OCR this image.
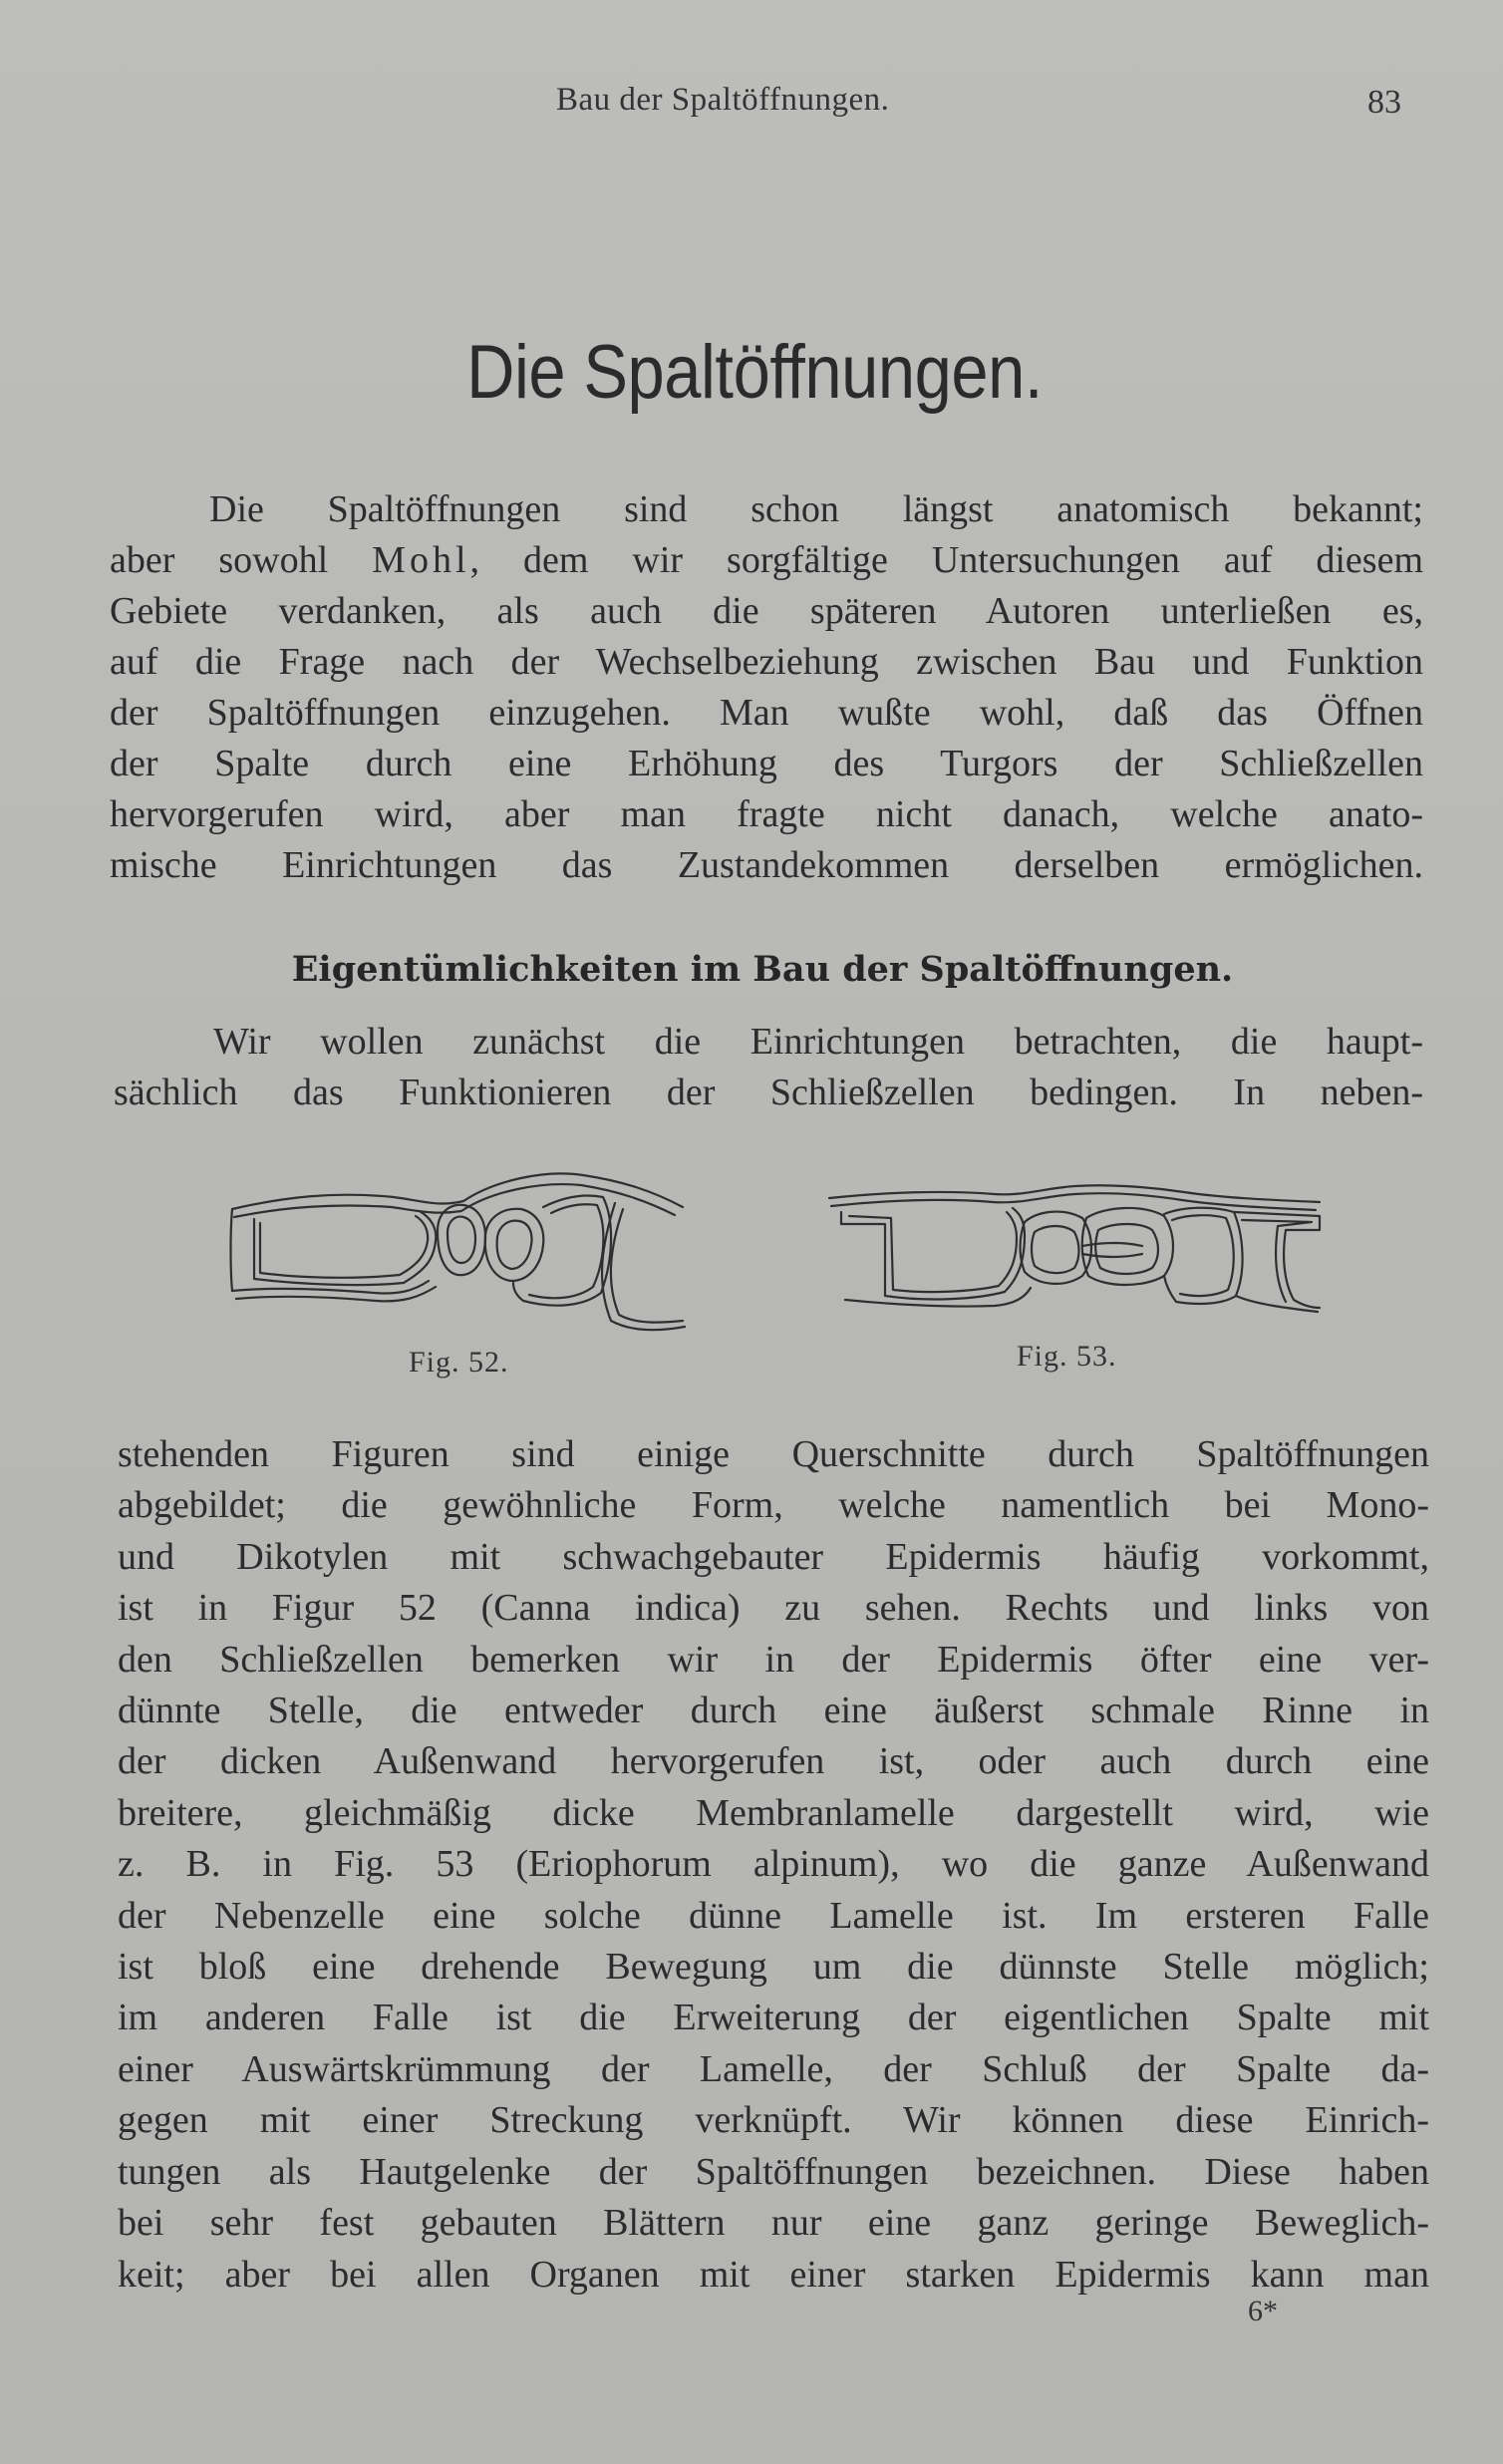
Bau der Spaltöffnungen.	83
Die Spaltöffnungen.
Die Spaltöffnungen sind schon längst anatomisch bekannt;
aber sowohl Mohl, dem wir sorgfältige Untersuchungen auf diesem
Gebiete verdanken, als auch die späteren Autoren unterließen es,
auf die Frage nach der Wechselbeziehung zwischen Bau und Funktion
der Spaltöffnungen einzugehen. Man wußte wohl, daß das Öffnen
der Spalte durch eine Erhöhung des Turgors der Schließzellen
hervorgerufen wird, aber man fragte nicht danach, welche anato-
mische Einrichtungen das Zustandekommen derselben ermöglichen.
Eigentümlichkeiten im Bau der Spaltöffnungen.
Wir wollen zunächst die Einrichtungen betrachten, die haupt-
sächlich das Funktionieren der Schließzellen bedingen. In neben-
Fig. 52.	Fig. 53.
stehenden Figuren sind einige Querschnitte durch Spaltöffnungen
abgebildet; die gewöhnliche Form, welche namentlich bei Mono-
und Dikotylen mit schwachgebauter Epidermis häufig vorkommt,
ist in Figur 52 (Canna indica) zu sehen. Rechts und links von
den Schließzellen bemerken wir in der Epidermis öfter eine ver-
dünnte Stelle, die entweder durch eine äußerst schmale Rinne in
der dicken Außenwand hervorgerufen ist, oder auch durch eine
breitere, gleichmäßig dicke Membranlamelle dargestellt wird, wie
z. B. in Fig. 53 (Eriophorum alpinum), wo die ganze Außenwand
der Nebenzelle eine solche dünne Lamelle ist. Im ersteren Falle
ist bloß eine drehende Bewegung um die dünnste Stelle möglich;
im anderen Falle ist die Erweiterung der eigentlichen Spalte mit
einer Auswärtskrümmung der Lamelle, der Schluß der Spalte da-
gegen mit einer Streckung verknüpft. Wir können diese Einrich-
tungen als Hautgelenke der Spaltöffnungen bezeichnen. Diese haben
bei sehr fest gebauten Blättern nur eine ganz geringe Beweglich-
keit; aber bei allen Organen mit einer starken Epidermis kann man
6*
